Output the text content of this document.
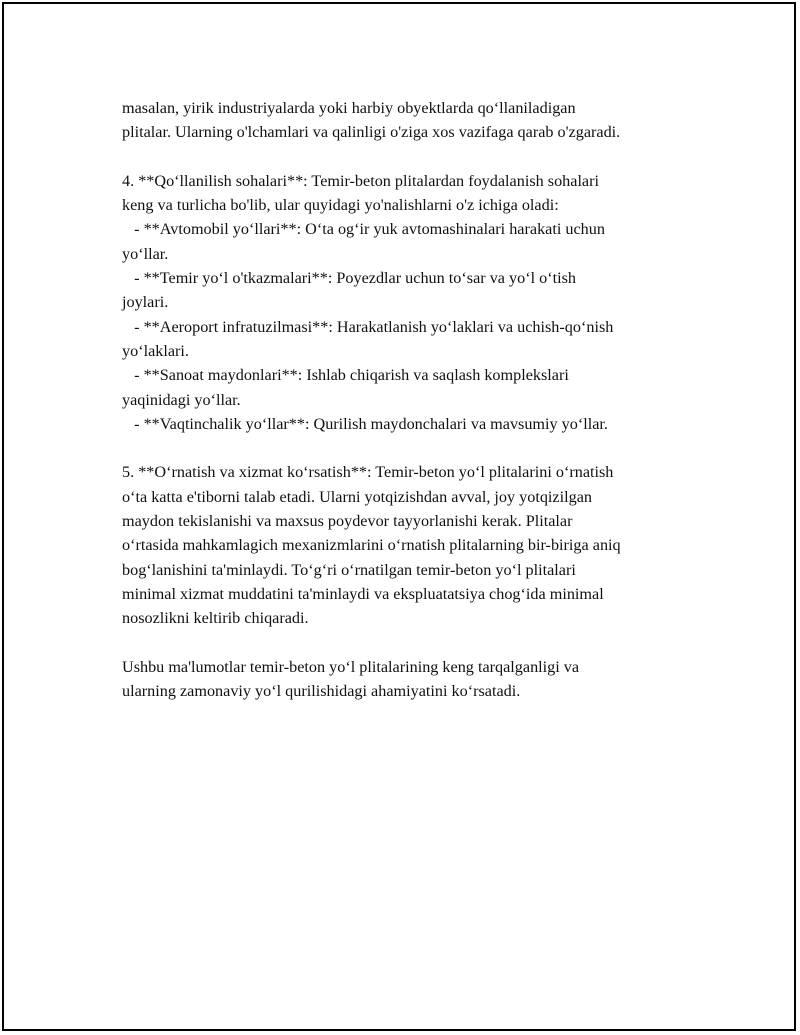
masalan, yirik industriyalarda yoki harbiy obyektlarda qo‘llaniladigan
plitalar. Ularning o'lchamlari va qalinligi o'ziga xos vazifaga qarab o'zgaradi.
4. **Qo‘llanilish sohalari**: Temir-beton plitalardan foydalanish sohalari
keng va turlicha bo'lib, ular quyidagi yo'nalishlarni o'z ichiga oladi:
- **Avtomobil yo‘llari**: O‘ta og‘ir yuk avtomashinalari harakati uchun
yo‘llar.
- **Temir yo‘l o'tkazmalari**: Poyezdlar uchun to‘sar va yo‘l o‘tish
joylari.
- **Aeroport infratuzilmasi**: Harakatlanish yo‘laklari va uchish-qo‘nish
yo‘laklari.
- **Sanoat maydonlari**: Ishlab chiqarish va saqlash komplekslari
yaqinidagi yo‘llar.
- **Vaqtinchalik yo‘llar**: Qurilish maydonchalari va mavsumiy yo‘llar.
5. **O‘rnatish va xizmat ko‘rsatish**: Temir-beton yo‘l plitalarini o‘rnatish
o‘ta katta e'tiborni talab etadi. Ularni yotqizishdan avval, joy yotqizilgan
maydon tekislanishi va maxsus poydevor tayyorlanishi kerak. Plitalar
o‘rtasida mahkamlagich mexanizmlarini o‘rnatish plitalarning bir-biriga aniq
bog‘lanishini ta'minlaydi. To‘g‘ri o‘rnatilgan temir-beton yo‘l plitalari
minimal xizmat muddatini ta'minlaydi va ekspluatatsiya chog‘ida minimal
nosozlikni keltirib chiqaradi.
Ushbu ma'lumotlar temir-beton yo‘l plitalarining keng tarqalganligi va
ularning zamonaviy yo‘l qurilishidagi ahamiyatini ko‘rsatadi.
